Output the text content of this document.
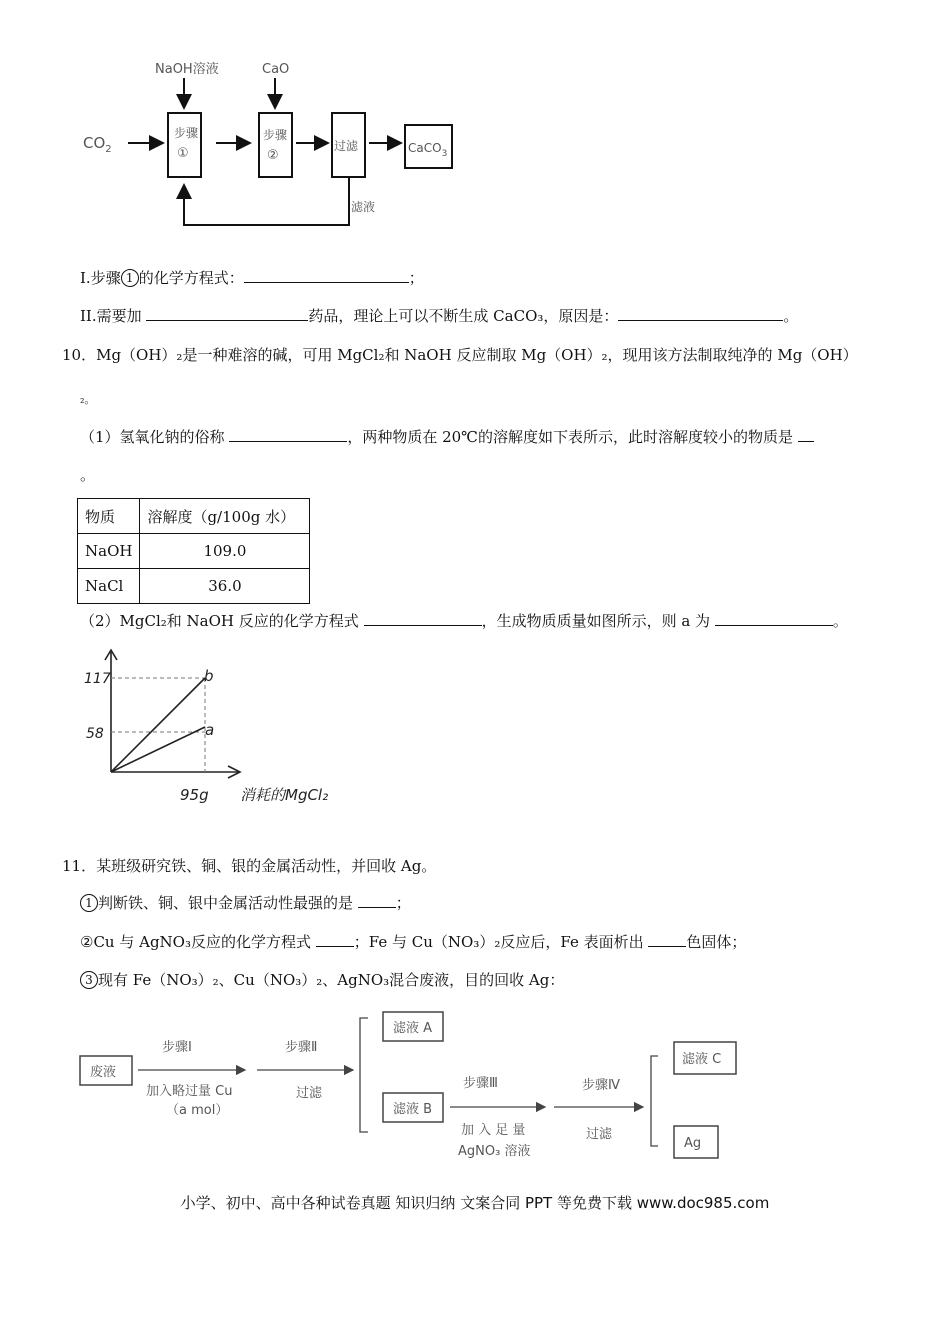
NaOH溶液	CaO
$CO_2$
步骤
①
步骤
②
过滤	CaCO$_3$
滤液
I.步骤 1 的化学方程式：	；
II.需要加	药品，理论上可以不断生成 CaCO₃，原因是：	。
10．Mg（OH）₂是一种难溶的碱，可用 MgCl₂和 NaOH 反应制取 Mg（OH）₂，现用该方法制取纯净的 Mg（OH）
₂。
（1）氢氧化钠的俗称	，两种物质在 20℃的溶解度如下表所示，此时溶解度较小的物质是
。
物质	溶解度（g/100g 水）
NaOH	109.0
NaCl	36.0
（2）MgCl₂和 NaOH 反应的化学方程式	，生成物质质量如图所示，则 a 为	。
117
58
b
a
95g 消耗的MgCl₂
11．某班级研究铁、铜、银的金属活动性，并回收 Ag。
1 判断铁、铜、银中金属活动性最强的是	；
②Cu 与 AgNO₃反应的化学方程式	；Fe 与 Cu（NO₃）₂反应后，Fe 表面析出	色固体；
3 现有 Fe（NO₃）₂、Cu（NO₃）₂、AgNO₃混合废液，目的回收 Ag：
废液
步骤Ⅰ
加入略过量 Cu
（a mol）
步骤Ⅱ
过滤
滤液 A
滤液 B
步骤Ⅲ
加 入 足 量
AgNO₃ 溶液
步骤Ⅳ
过滤
滤液 C
Ag
小学、初中、高中各种试卷真题 知识归纳 文案合同 PPT 等免费下载 www.doc985.com
